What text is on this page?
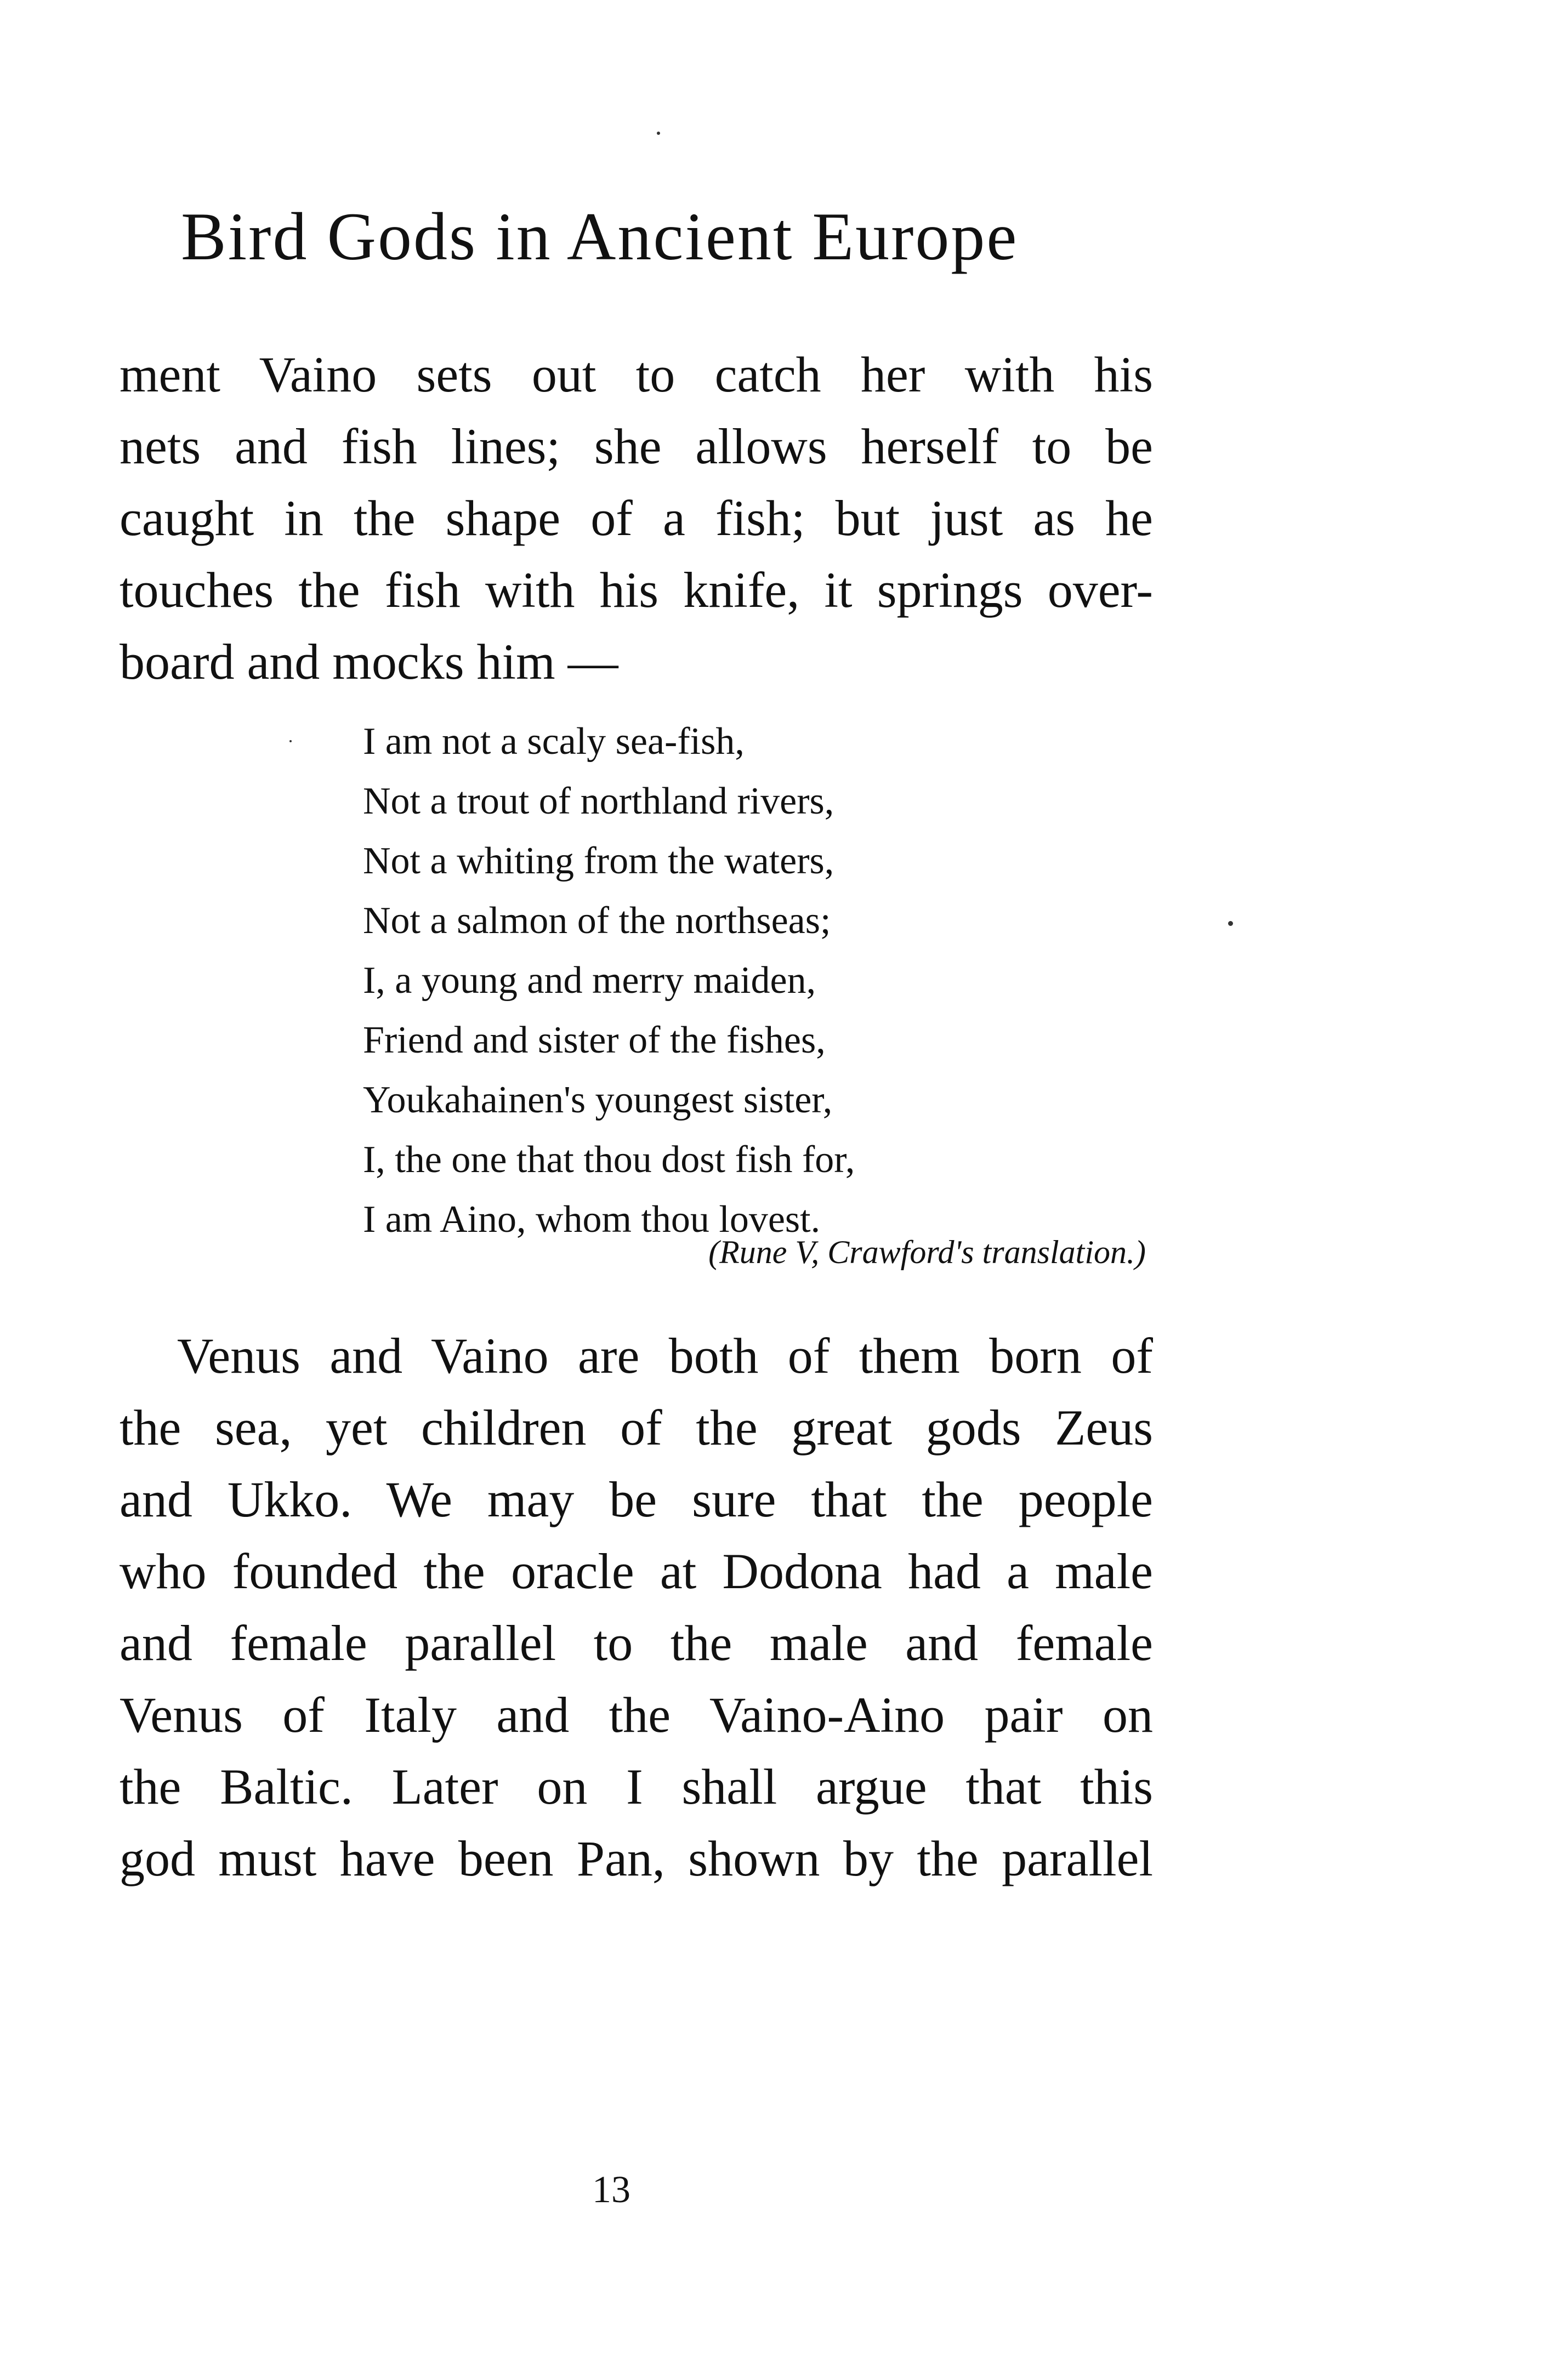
Bird Gods in Ancient Europe

ment Vaino sets out to catch her with his
nets and fish lines; she allows herself to be
caught in the shape of a fish; but just as he
touches the fish with his knife, it springs over-
board and mocks him —

I am not a scaly sea-fish,
Not a trout of northland rivers,
Not a whiting from the waters,
Not a salmon of the northseas;
I, a young and merry maiden,
Friend and sister of the fishes,
Youkahainen's youngest sister,
I, the one that thou dost fish for,
I am Aino, whom thou lovest.
(Rune V, Crawford's translation.)

Venus and Vaino are both of them born of
the sea, yet children of the great gods Zeus
and Ukko. We may be sure that the people
who founded the oracle at Dodona had a male
and female parallel to the male and female
Venus of Italy and the Vaino-Aino pair on
the Baltic. Later on I shall argue that this
god must have been Pan, shown by the parallel

13
